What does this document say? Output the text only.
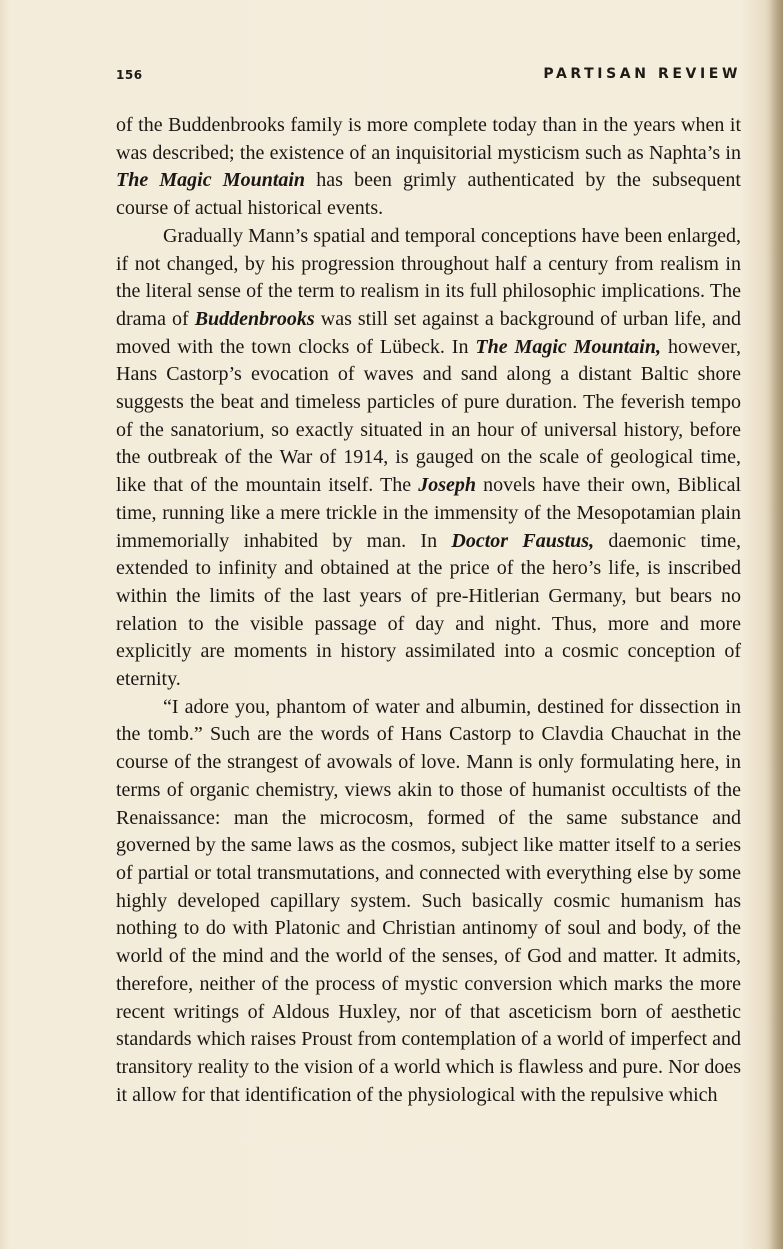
156	PARTISAN REVIEW

of the Buddenbrooks family is more complete today than in the years when it was described; the existence of an inquisitorial mysticism such as Naphta’s in The Magic Mountain has been grimly authenticated by the subsequent course of actual historical events.

Gradually Mann’s spatial and temporal conceptions have been enlarged, if not changed, by his progression throughout half a century from realism in the literal sense of the term to realism in its full philosophic implications. The drama of Buddenbrooks was still set against a background of urban life, and moved with the town clocks of Lübeck. In The Magic Mountain, however, Hans Castorp’s evocation of waves and sand along a distant Baltic shore suggests the beat and timeless particles of pure duration. The feverish tempo of the sanatorium, so exactly situated in an hour of universal history, before the outbreak of the War of 1914, is gauged on the scale of geological time, like that of the mountain itself. The Joseph novels have their own, Biblical time, running like a mere trickle in the immensity of the Mesopotamian plain immemorially inhabited by man. In Doctor Faustus, daemonic time, extended to infinity and obtained at the price of the hero’s life, is inscribed within the limits of the last years of pre-Hitlerian Germany, but bears no relation to the visible passage of day and night. Thus, more and more explicitly are moments in history assimilated into a cosmic conception of eternity.

“I adore you, phantom of water and albumin, destined for dissection in the tomb.” Such are the words of Hans Castorp to Clavdia Chauchat in the course of the strangest of avowals of love. Mann is only formulating here, in terms of organic chemistry, views akin to those of humanist occultists of the Renaissance: man the microcosm, formed of the same substance and governed by the same laws as the cosmos, subject like matter itself to a series of partial or total transmutations, and connected with everything else by some highly developed capillary system. Such basically cosmic humanism has nothing to do with Platonic and Christian antinomy of soul and body, of the world of the mind and the world of the senses, of God and matter. It admits, therefore, neither of the process of mystic conversion which marks the more recent writings of Aldous Huxley, nor of that asceticism born of aesthetic standards which raises Proust from contemplation of a world of imperfect and transitory reality to the vision of a world which is flawless and pure. Nor does it allow for that identification of the physiological with the repulsive which
